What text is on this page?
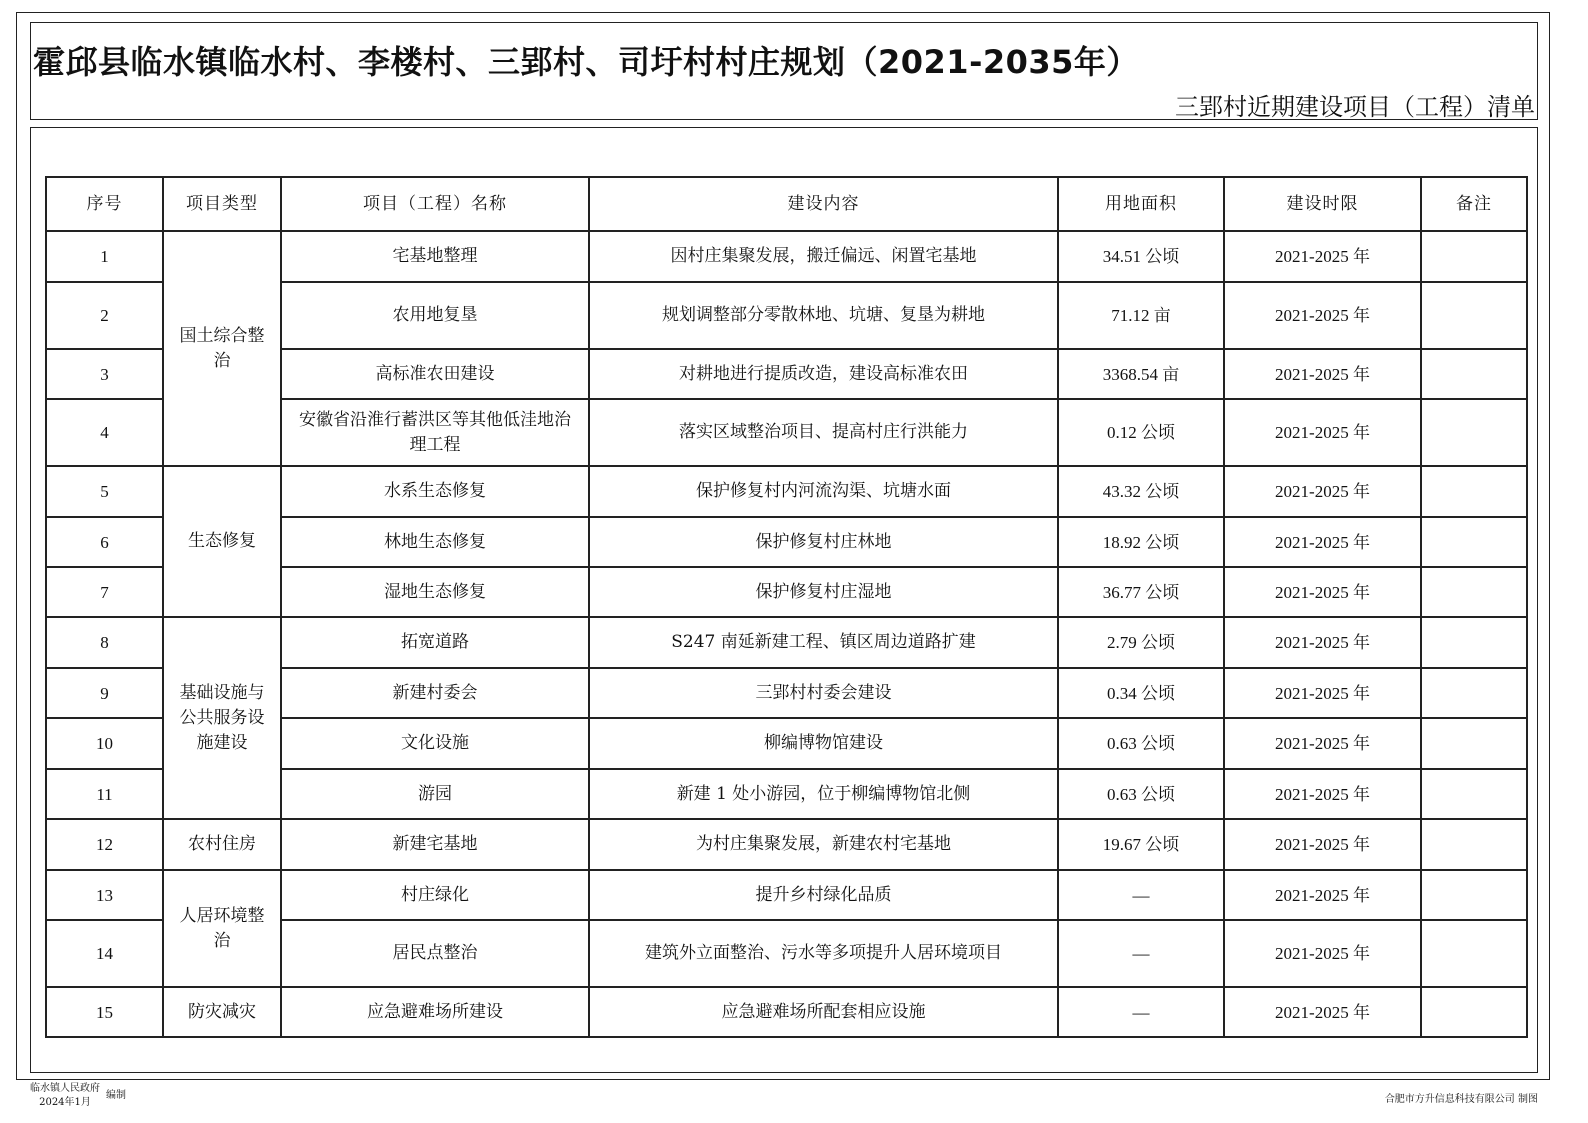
霍邱县临水镇临水村、李楼村、三郢村、司圩村村庄规划（2021-2035年）
三郢村近期建设项目（工程）清单
序号	项目类型	项目（工程）名称	建设内容	用地面积	建设时限	备注
1	国土综合整治	宅基地整理	因村庄集聚发展，搬迁偏远、闲置宅基地	34.51 公顷	2021-2025 年	
2		农用地复垦	规划调整部分零散林地、坑塘、复垦为耕地	71.12 亩	2021-2025 年	
3		高标准农田建设	对耕地进行提质改造，建设高标准农田	3368.54 亩	2021-2025 年	
4		安徽省沿淮行蓄洪区等其他低洼地治理工程	落实区域整治项目、提高村庄行洪能力	0.12 公顷	2021-2025 年	
5	生态修复	水系生态修复	保护修复村内河流沟渠、坑塘水面	43.32 公顷	2021-2025 年	
6		林地生态修复	保护修复村庄林地	18.92 公顷	2021-2025 年	
7		湿地生态修复	保护修复村庄湿地	36.77 公顷	2021-2025 年	
8	基础设施与公共服务设施建设	拓宽道路	S247 南延新建工程、镇区周边道路扩建	2.79 公顷	2021-2025 年	
9		新建村委会	三郢村村委会建设	0.34 公顷	2021-2025 年	
10		文化设施	柳编博物馆建设	0.63 公顷	2021-2025 年	
11		游园	新建 1 处小游园，位于柳编博物馆北侧	0.63 公顷	2021-2025 年	
12	农村住房	新建宅基地	为村庄集聚发展，新建农村宅基地	19.67 公顷	2021-2025 年	
13	人居环境整治	村庄绿化	提升乡村绿化品质	—	2021-2025 年	
14		居民点整治	建筑外立面整治、污水等多项提升人居环境项目	—	2021-2025 年	
15	防灾减灾	应急避难场所建设	应急避难场所配套相应设施	—	2021-2025 年	
临水镇人民政府
2024年1月编制	合肥市方升信息科技有限公司 制图
